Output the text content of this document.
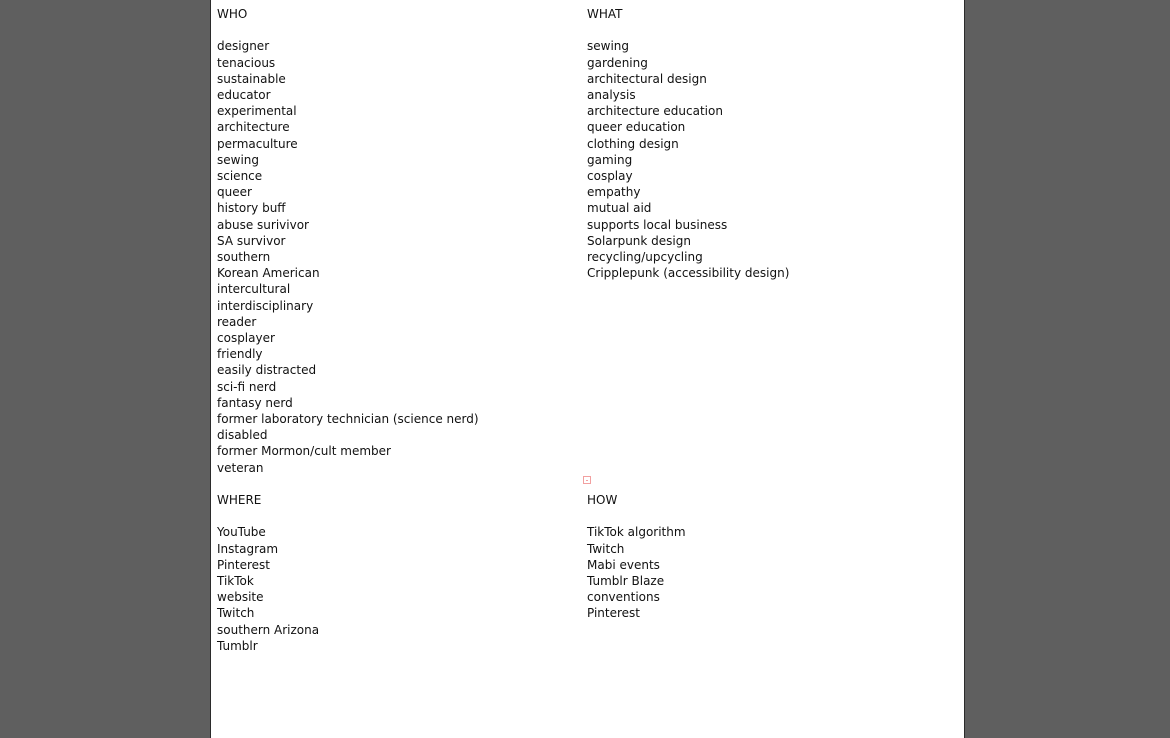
WHO
designer
tenacious
sustainable
educator
experimental
architecture
permaculture
sewing
science
queer
history buff
abuse surivivor
SA survivor
southern
Korean American
intercultural
interdisciplinary
reader
cosplayer
friendly
easily distracted
sci-fi nerd
fantasy nerd
former laboratory technician (science nerd)
disabled
former Mormon/cult member
veteran
WHAT
sewing
gardening
architectural design
analysis
architecture education
queer education
clothing design
gaming
cosplay
empathy
mutual aid
supports local business
Solarpunk design
recycling/upcycling
Cripplepunk (accessibility design)
WHERE
YouTube
Instagram
Pinterest
TikTok
website
Twitch
southern Arizona
Tumblr
HOW
TikTok algorithm
Twitch
Mabi events
Tumblr Blaze
conventions
Pinterest
